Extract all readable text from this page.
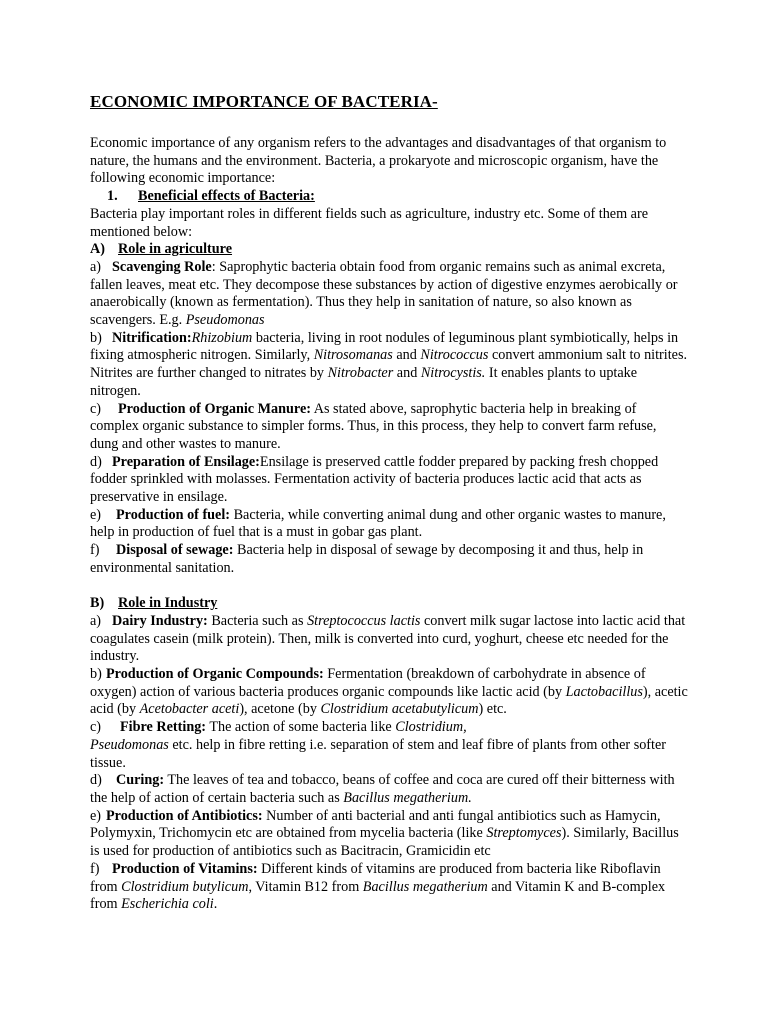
ECONOMIC IMPORTANCE OF BACTERIA-

Economic importance of any organism refers to the advantages and disadvantages of that organism to nature, the humans and the environment. Bacteria, a prokaryote and microscopic organism, have the following economic importance:

1. Beneficial effects of Bacteria:

Bacteria play important roles in different fields such as agriculture, industry etc. Some of them are mentioned below:

A) Role in agriculture

a) Scavenging Role: Saprophytic bacteria obtain food from organic remains such as animal excreta, fallen leaves, meat etc. They decompose these substances by action of digestive enzymes aerobically or anaerobically (known as fermentation). Thus they help in sanitation of nature, so also known as scavengers. E.g. Pseudomonas

b) Nitrification:Rhizobium bacteria, living in root nodules of leguminous plant symbiotically, helps in fixing atmospheric nitrogen. Similarly, Nitrosomanas and Nitrococcus convert ammonium salt to nitrites. Nitrites are further changed to nitrates by Nitrobacter and Nitrocystis. It enables plants to uptake nitrogen.

c) Production of Organic Manure: As stated above, saprophytic bacteria help in breaking of complex organic substance to simpler forms. Thus, in this process, they help to convert farm refuse, dung and other wastes to manure.

d) Preparation of Ensilage:Ensilage is preserved cattle fodder prepared by packing fresh chopped fodder sprinkled with molasses. Fermentation activity of bacteria produces lactic acid that acts as preservative in ensilage.

e) Production of fuel: Bacteria, while converting animal dung and other organic wastes to manure, help in production of fuel that is a must in gobar gas plant.

f) Disposal of sewage: Bacteria help in disposal of sewage by decomposing it and thus, help in environmental sanitation.

B) Role in Industry

a) Dairy Industry: Bacteria such as Streptococcus lactis convert milk sugar lactose into lactic acid that coagulates casein (milk protein). Then, milk is converted into curd, yoghurt, cheese etc needed for the industry.

b) Production of Organic Compounds: Fermentation (breakdown of carbohydrate in absence of oxygen) action of various bacteria produces organic compounds like lactic acid (by Lactobacillus), acetic acid (by Acetobacter aceti), acetone (by Clostridium acetabutylicum) etc.

c) Fibre Retting: The action of some bacteria like Clostridium,
Pseudomonas etc. help in fibre retting i.e. separation of stem and leaf fibre of plants from other softer tissue.

d) Curing: The leaves of tea and tobacco, beans of coffee and coca are cured off their bitterness with the help of action of certain bacteria such as Bacillus megatherium.

e) Production of Antibiotics: Number of anti bacterial and anti fungal antibiotics such as Hamycin, Polymyxin, Trichomycin etc are obtained from mycelia bacteria (like Streptomyces). Similarly, Bacillus is used for production of antibiotics such as Bacitracin, Gramicidin etc

f) Production of Vitamins: Different kinds of vitamins are produced from bacteria like Riboflavin from Clostridium butylicum, Vitamin B12 from Bacillus megatherium and Vitamin K and B-complex from Escherichia coli.
